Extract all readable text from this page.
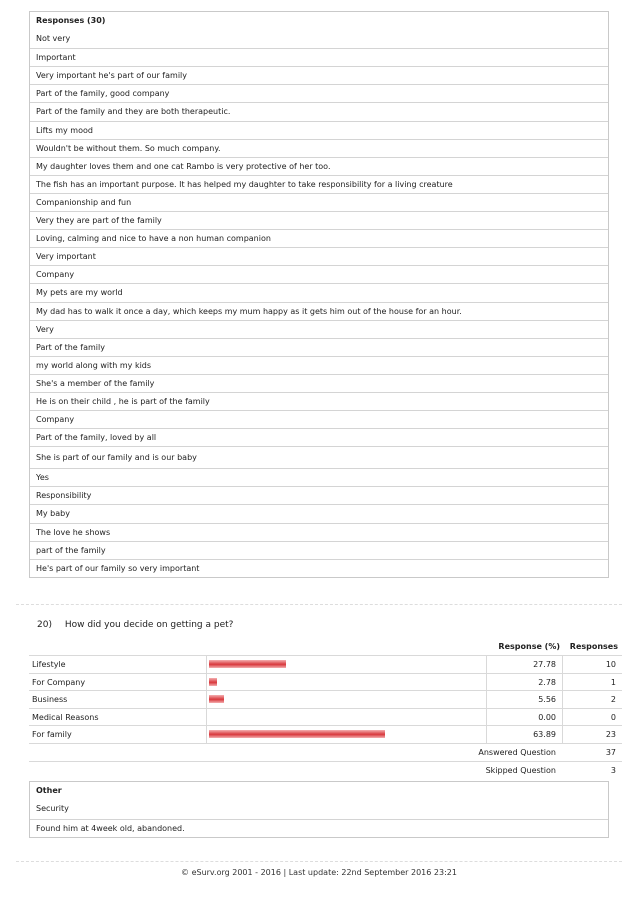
Responses (30)
Not very
Important
Very important he's part of our family
Part of the family, good company
Part of the family and they are both therapeutic.
Lifts my mood
Wouldn't be without them. So much company.
My daughter loves them and one cat Rambo is very protective of her too.
The fish has an important purpose. It has helped my daughter to take responsibility for a living creature
Companionship and fun
Very they are part of the family
Loving, calming and nice to have a non human companion
Very important
Company
My pets are my world
My dad has to walk it once a day, which keeps my mum happy as it gets him out of the house for an hour.
Very
Part of the family
my world along with my kids
She's a member of the family
He is on their child , he is part of the family
Company
Part of the family, loved by all
She is part of our family and is our baby
Yes
Responsibility
My baby
The love he shows
part of the family
He's part of our family so very important
20) How did you decide on getting a pet?
Response (%) Responses
Lifestyle	27.78	10
For Company	2.78	1
Business	5.56	2
Medical Reasons	0.00	0
For family	63.89	23
Answered Question	37
Skipped Question	3
Other
Security
Found him at 4week old, abandoned.
© eSurv.org 2001 - 2016 | Last update: 22nd September 2016 23:21
